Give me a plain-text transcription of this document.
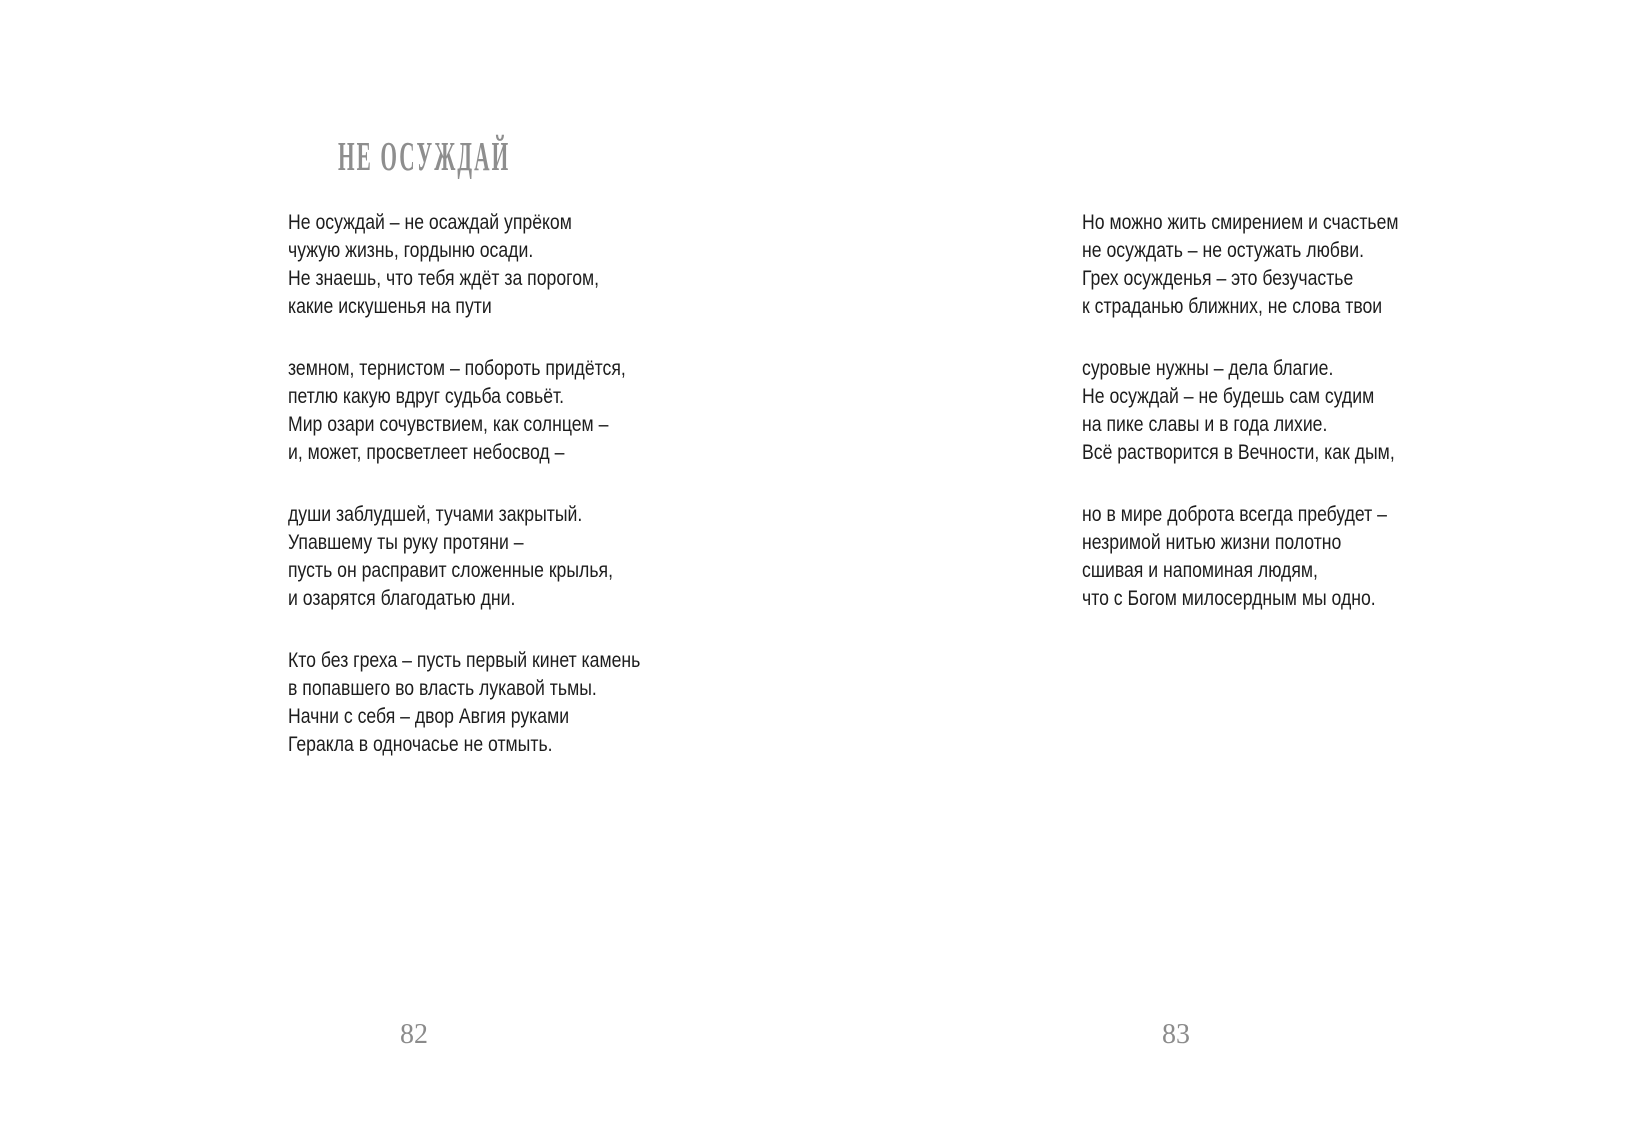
НЕ ОСУЖДАЙ
Не осуждай – не осаждай упрёком
чужую жизнь, гордыню осади.
Не знаешь, что тебя ждёт за порогом,
какие искушенья на пути
земном, тернистом – побороть придётся,
петлю какую вдруг судьба совьёт.
Мир озари сочувствием, как солнцем –
и, может, просветлеет небосвод –
души заблудшей, тучами закрытый.
Упавшему ты руку протяни –
пусть он расправит сложенные крылья,
и озарятся благодатью дни.
Кто без греха – пусть первый кинет камень
в попавшего во власть лукавой тьмы.
Начни с себя – двор Авгия руками
Геракла в одночасье не отмыть.
Но можно жить смирением и счастьем
не осуждать – не остужать любви.
Грех осужденья – это безучастье
к страданью ближних, не слова твои
суровые нужны – дела благие.
Не осуждай – не будешь сам судим
на пике славы и в года лихие.
Всё растворится в Вечности, как дым,
но в мире доброта всегда пребудет –
незримой нитью жизни полотно
сшивая и напоминая людям,
что с Богом милосердным мы одно.
82	83
